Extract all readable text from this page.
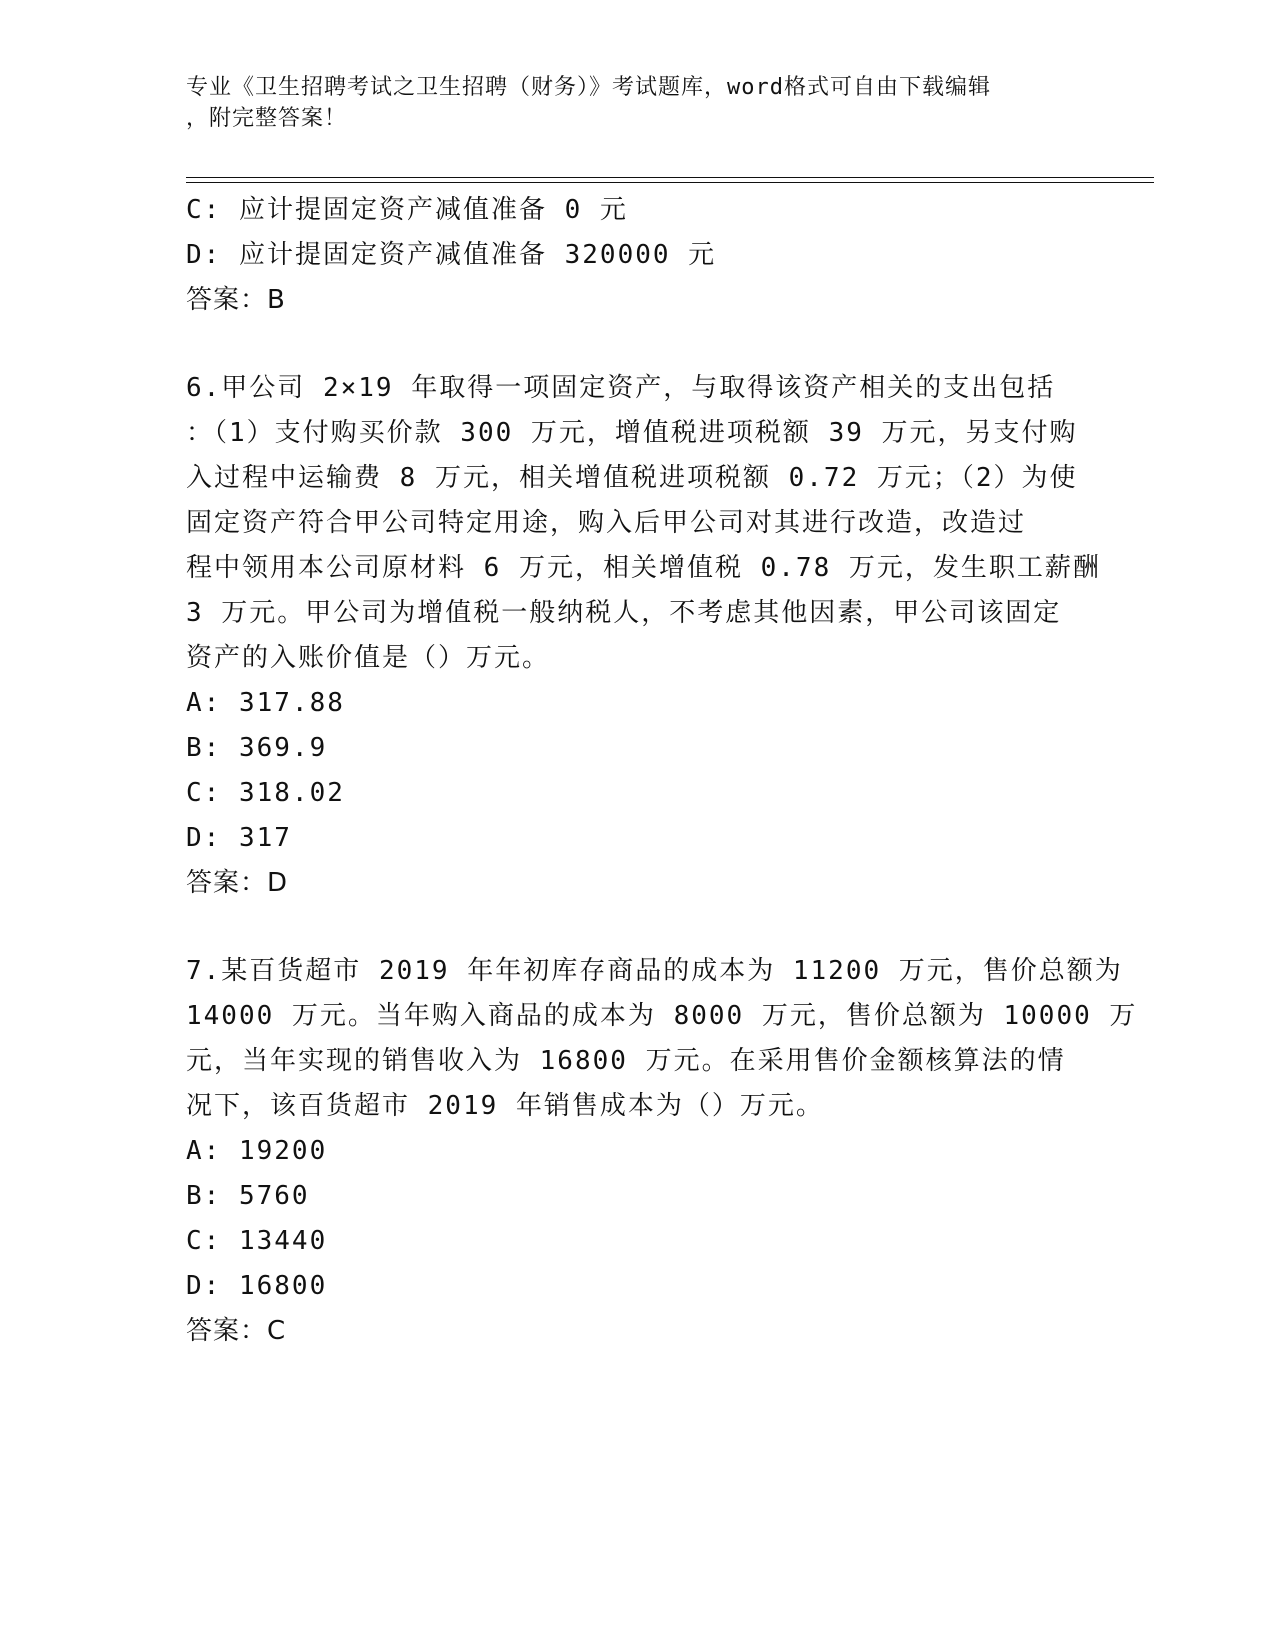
专业《卫生招聘考试之卫生招聘（财务）》考试题库，word格式可自由下载编辑
，附完整答案！
C: 应计提固定资产减值准备 0 元
D: 应计提固定资产减值准备 320000 元
答案：B
6.甲公司 2×19 年取得一项固定资产，与取得该资产相关的支出包括
：（1）支付购买价款 300 万元，增值税进项税额 39 万元，另支付购
入过程中运输费 8 万元，相关增值税进项税额 0.72 万元；（2）为使
固定资产符合甲公司特定用途，购入后甲公司对其进行改造，改造过
程中领用本公司原材料 6 万元，相关增值税 0.78 万元，发生职工薪酬
3 万元。甲公司为增值税一般纳税人，不考虑其他因素，甲公司该固定
资产的入账价值是（）万元。
A: 317.88
B: 369.9
C: 318.02
D: 317
答案：D
7.某百货超市 2019 年年初库存商品的成本为 11200 万元，售价总额为
14000 万元。当年购入商品的成本为 8000 万元，售价总额为 10000 万
元，当年实现的销售收入为 16800 万元。在采用售价金额核算法的情
况下，该百货超市 2019 年销售成本为（）万元。
A: 19200
B: 5760
C: 13440
D: 16800
答案：C
